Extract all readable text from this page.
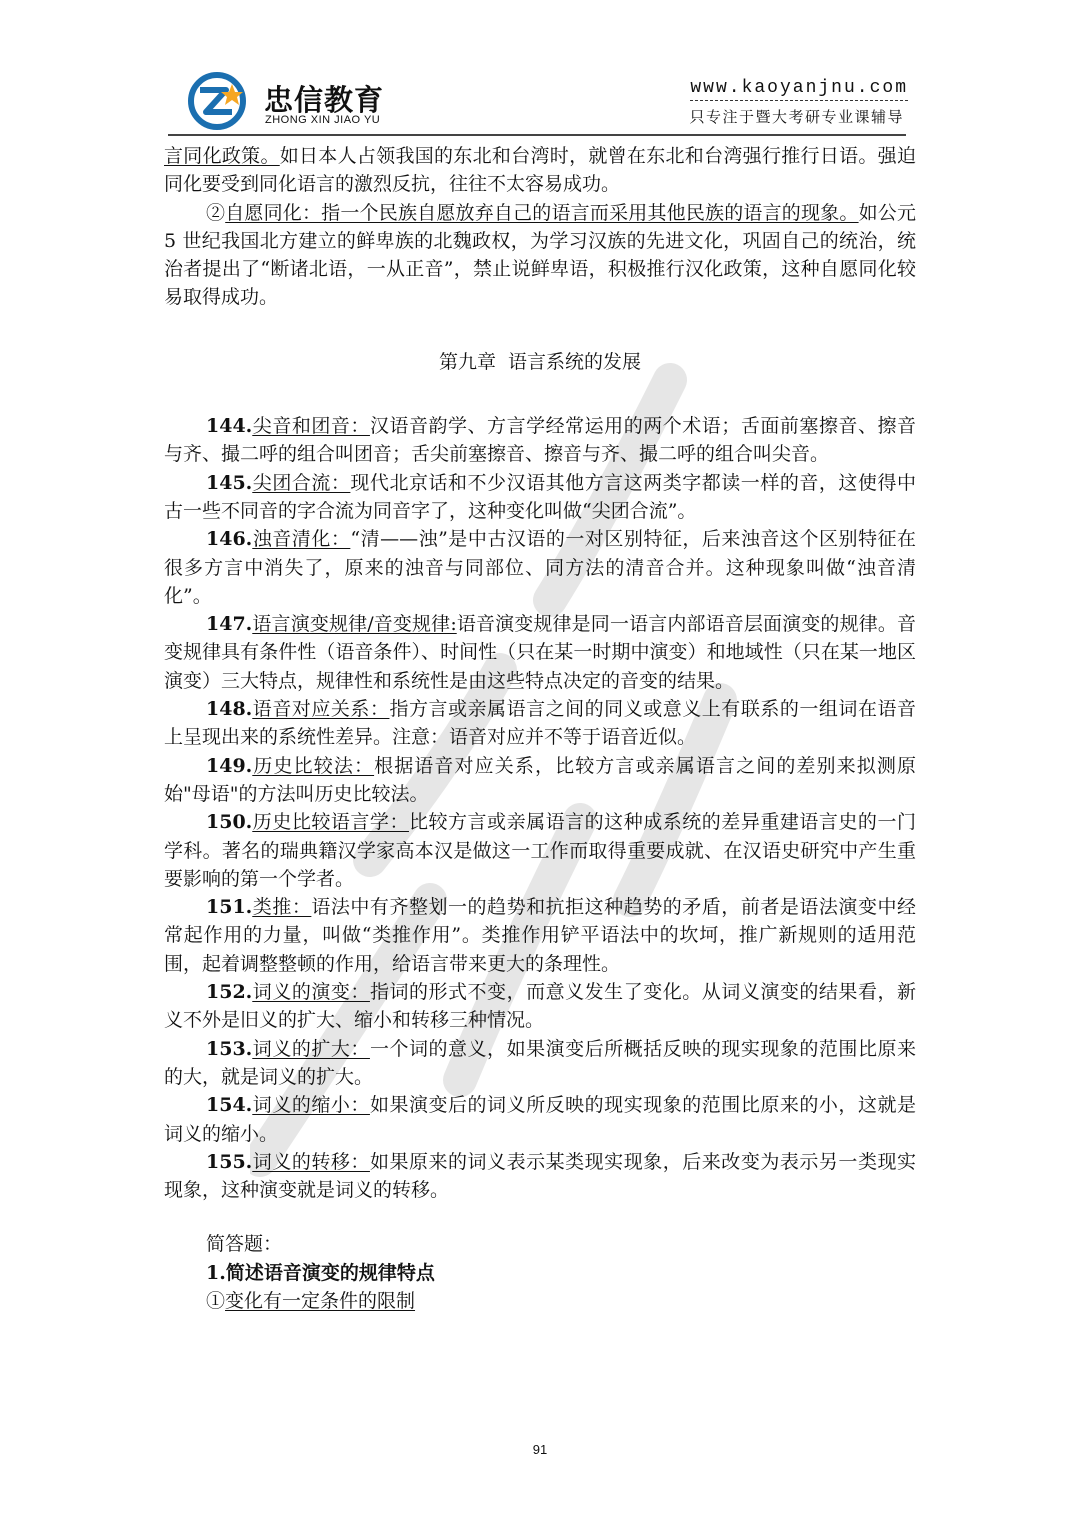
忠信教育
ZHONG XIN JIAO YU
www.kaoyanjnu.com
只专注于暨大考研专业课辅导

言同化政策。如日本人占领我国的东北和台湾时，就曾在东北和台湾强行推行日语。强迫同化要受到同化语言的激烈反抗，往往不太容易成功。

②自愿同化：指一个民族自愿放弃自己的语言而采用其他民族的语言的现象。如公元 5 世纪我国北方建立的鲜卑族的北魏政权，为学习汉族的先进文化，巩固自己的统治，统治者提出了“断诸北语，一从正音”，禁止说鲜卑语，积极推行汉化政策，这种自愿同化较易取得成功。

第九章 语言系统的发展

144.尖音和团音：汉语音韵学、方言学经常运用的两个术语；舌面前塞擦音、擦音与齐、撮二呼的组合叫团音；舌尖前塞擦音、擦音与齐、撮二呼的组合叫尖音。

145.尖团合流：现代北京话和不少汉语其他方言这两类字都读一样的音，这使得中古一些不同音的字合流为同音字了，这种变化叫做“尖团合流”。

146.浊音清化：“清——浊”是中古汉语的一对区别特征，后来浊音这个区别特征在很多方言中消失了，原来的浊音与同部位、同方法的清音合并。这种现象叫做“浊音清化”。

147.语言演变规律/音变规律:语音演变规律是同一语言内部语音层面演变的规律。音变规律具有条件性（语音条件）、时间性（只在某一时期中演变）和地域性（只在某一地区演变）三大特点，规律性和系统性是由这些特点决定的音变的结果。

148.语音对应关系：指方言或亲属语言之间的同义或意义上有联系的一组词在语音上呈现出来的系统性差异。注意：语音对应并不等于语音近似。

149.历史比较法：根据语音对应关系，比较方言或亲属语言之间的差别来拟测原始"母语"的方法叫历史比较法。

150.历史比较语言学：比较方言或亲属语言的这种成系统的差异重建语言史的一门学科。著名的瑞典籍汉学家高本汉是做这一工作而取得重要成就、在汉语史研究中产生重要影响的第一个学者。

151.类推：语法中有齐整划一的趋势和抗拒这种趋势的矛盾，前者是语法演变中经常起作用的力量，叫做“类推作用”。类推作用铲平语法中的坎坷，推广新规则的适用范围，起着调整整顿的作用，给语言带来更大的条理性。

152.词义的演变：指词的形式不变，而意义发生了变化。从词义演变的结果看，新义不外是旧义的扩大、缩小和转移三种情况。

153.词义的扩大：一个词的意义，如果演变后所概括反映的现实现象的范围比原来的大，就是词义的扩大。

154.词义的缩小：如果演变后的词义所反映的现实现象的范围比原来的小，这就是词义的缩小。

155.词义的转移：如果原来的词义表示某类现实现象，后来改变为表示另一类现实现象，这种演变就是词义的转移。

简答题：

1.简述语音演变的规律特点

①变化有一定条件的限制

91
